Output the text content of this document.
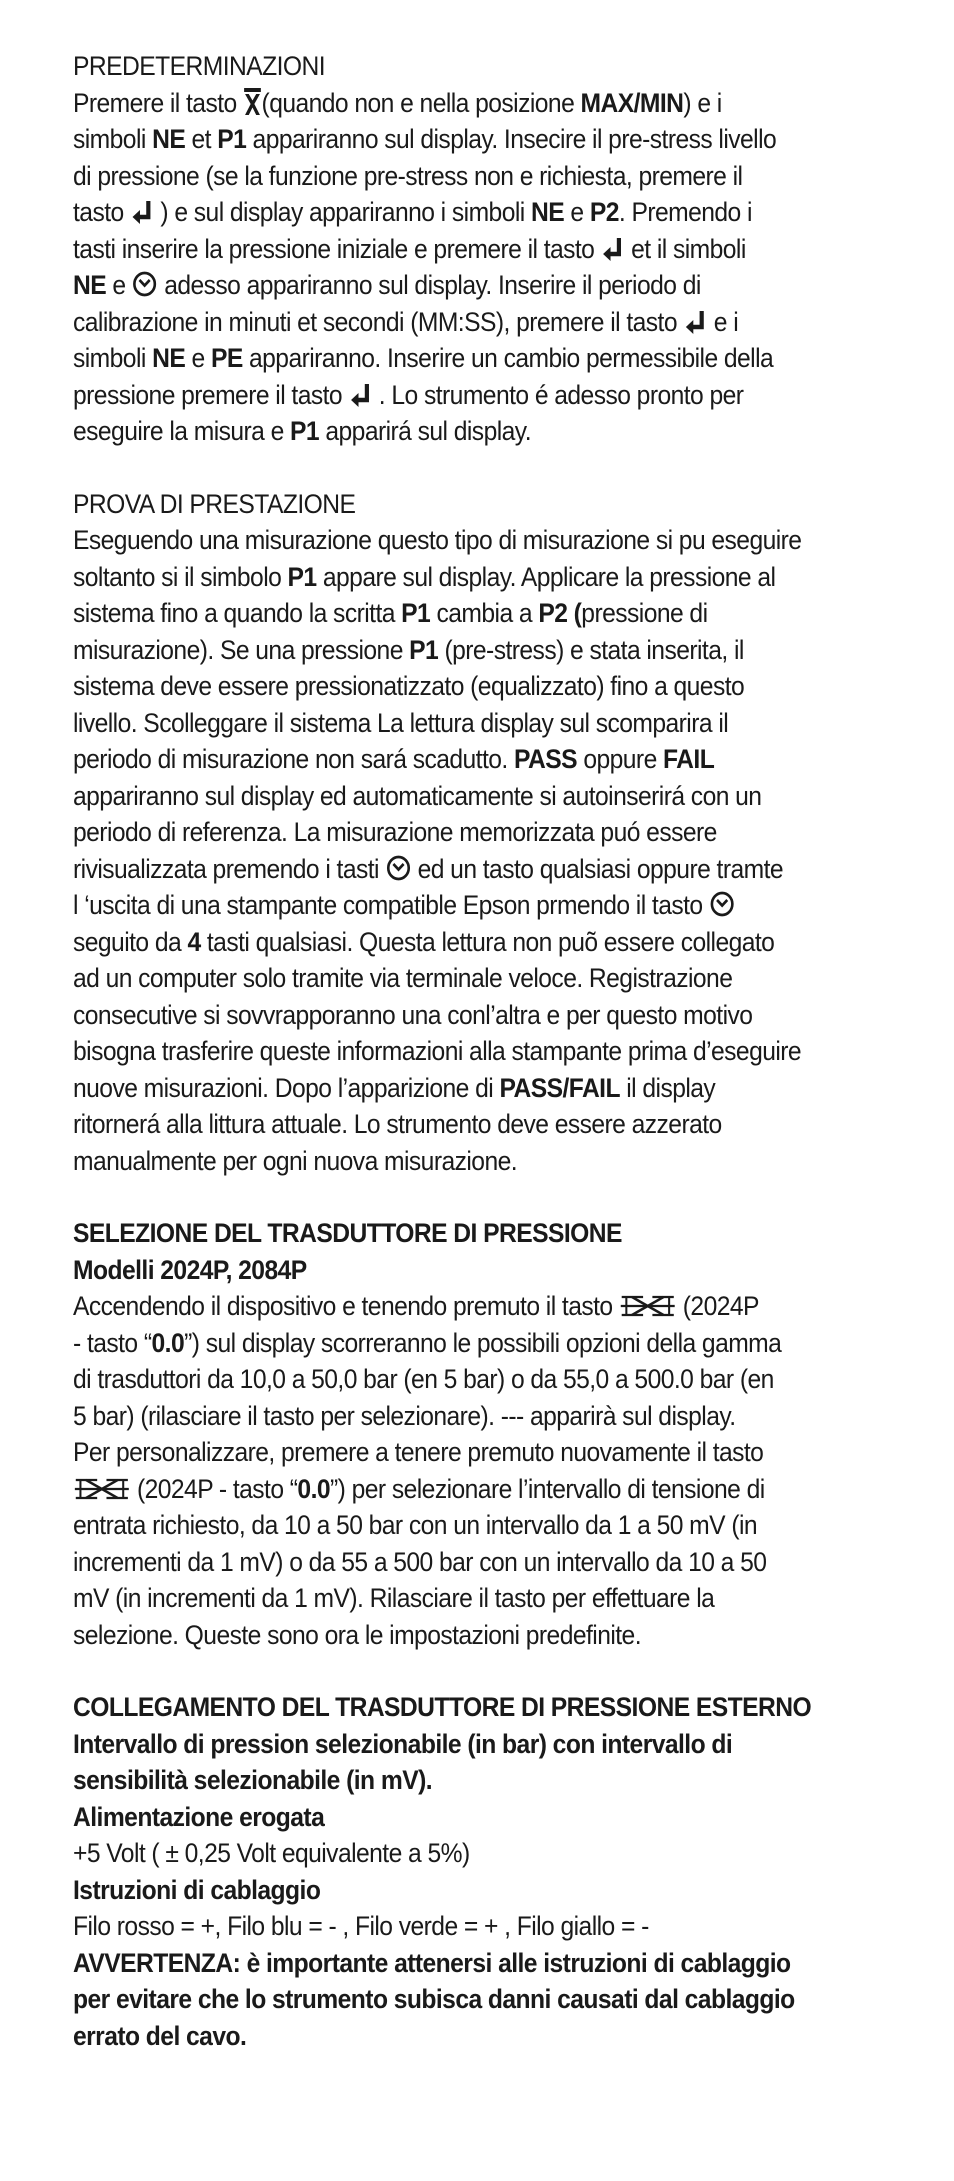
PREDETERMINAZIONI
Premere il tasto
(quando non e nella posizione MAX/MIN) e i
simboli NE et P1 appariranno sul display. Insecire il pre-stress livello
di pressione (se la funzione pre-stress non e richiesta, premere il
tasto
) e sul display appariranno i simboli NE e P2. Premendo i
tasti inserire la pressione iniziale e premere il tasto
et il simboli
NE e
adesso appariranno sul display. Inserire il periodo di
calibrazione in minuti et secondi (MM:SS), premere il tasto
e i
simboli NE e PE appariranno. Inserire un cambio permessibile della
pressione premere il tasto
. Lo strumento é adesso pronto per
eseguire la misura e P1 apparirá sul display.
PROVA DI PRESTAZIONE
Eseguendo una misurazione questo tipo di misurazione si pu eseguire
soltanto si il simbolo P1 appare sul display. Applicare la pressione al
sistema fino a quando la scritta P1 cambia a P2 (pressione di
misurazione). Se una pressione P1 (pre-stress) e stata inserita, il
sistema deve essere pressionatizzato (equalizzato) fino a questo
livello. Scolleggare il sistema La lettura display sul scomparira il
periodo di misurazione non sará scadutto. PASS oppure FAIL
appariranno sul display ed automaticamente si autoinserirá con un
periodo di referenza. La misurazione memorizzata puó essere
rivisualizzata premendo i tasti
ed un tasto qualsiasi oppure tramte
l ‘uscita di una stampante compatible Epson prmendo il tasto
seguito da 4 tasti qualsiasi. Questa lettura non puõ essere collegato
ad un computer solo tramite via terminale veloce. Registrazione
consecutive si sovvrapporanno una conl’altra e per questo motivo
bisogna trasferire queste informazioni alla stampante prima d’eseguire
nuove misurazioni. Dopo l’apparizione di PASS/FAIL il display
ritornerá alla littura attuale. Lo strumento deve essere azzerato
manualmente per ogni nuova misurazione.
SELEZIONE DEL TRASDUTTORE DI PRESSIONE
Modelli 2024P, 2084P
Accendendo il dispositivo e tenendo premuto il tasto
(2024P
- tasto “0.0”) sul display scorreranno le possibili opzioni della gamma
di trasduttori da 10,0 a 50,0 bar (en 5 bar) o da 55,0 a 500.0 bar (en
5 bar) (rilasciare il tasto per selezionare). --- apparirà sul display.
Per personalizzare, premere a tenere premuto nuovamente il tasto
(2024P - tasto “0.0”) per selezionare l’intervallo di tensione di
entrata richiesto, da 10 a 50 bar con un intervallo da 1 a 50 mV (in
incrementi da 1 mV) o da 55 a 500 bar con un intervallo da 10 a 50
mV (in incrementi da 1 mV). Rilasciare il tasto per effettuare la
selezione. Queste sono ora le impostazioni predefinite.
COLLEGAMENTO DEL TRASDUTTORE DI PRESSIONE ESTERNO
Intervallo di pression selezionabile (in bar) con intervallo di
sensibilità selezionabile (in mV).
Alimentazione erogata
+5 Volt ( ± 0,25 Volt equivalente a 5%)
Istruzioni di cablaggio
Filo rosso = +, Filo blu = - , Filo verde = + , Filo giallo = -
AVVERTENZA: è importante attenersi alle istruzioni di cablaggio
per evitare che lo strumento subisca danni causati dal cablaggio
errato del cavo.
